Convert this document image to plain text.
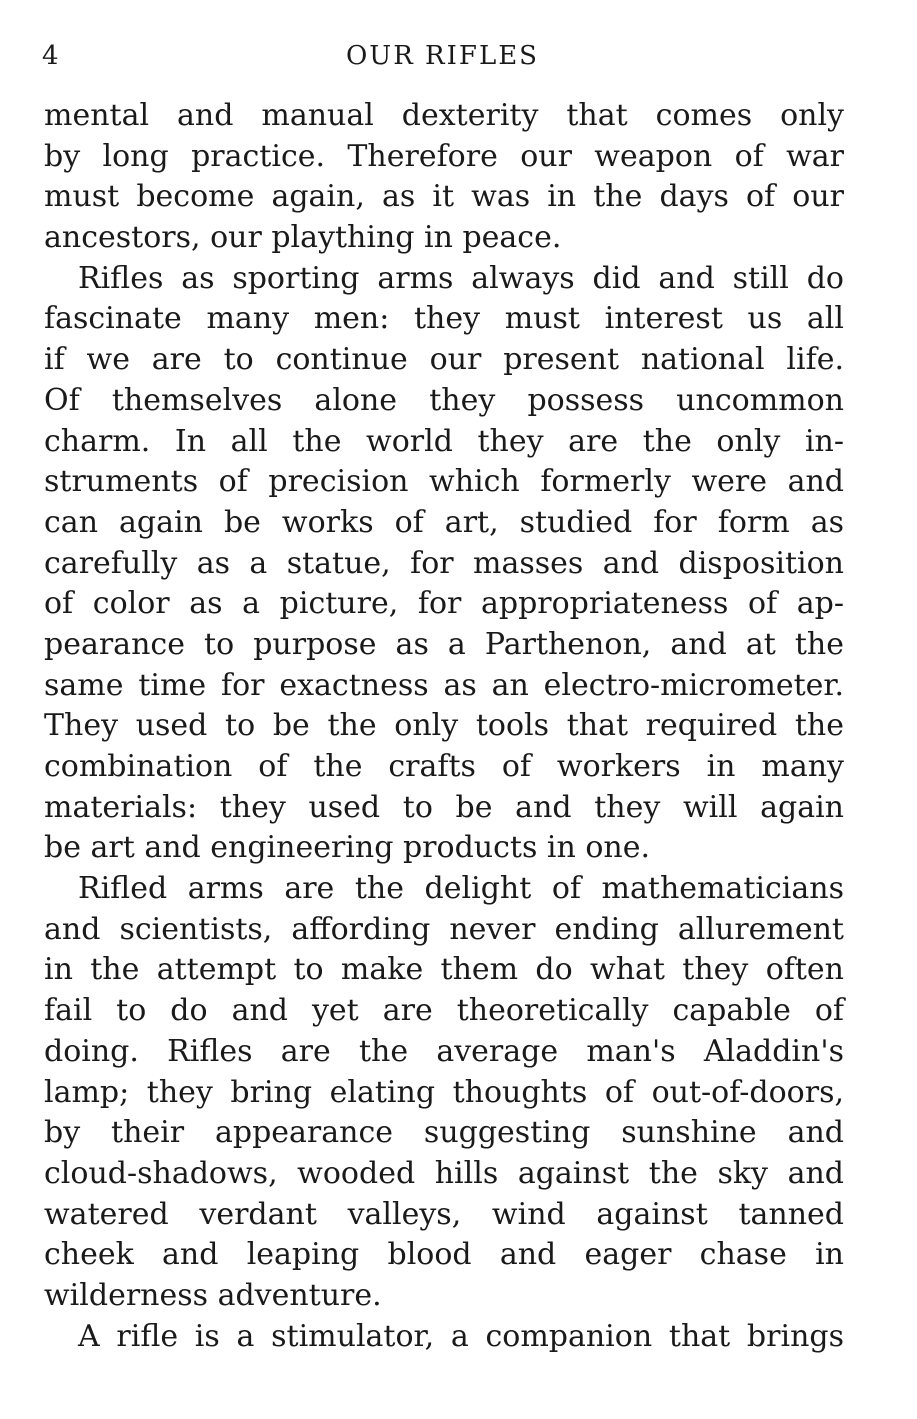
4	OUR RIFLES
mental and manual dexterity that comes only
by long practice. Therefore our weapon of war
must become again, as it was in the days of our
ancestors, our plaything in peace.
Rifles as sporting arms always did and still do
fascinate many men: they must interest us all
if we are to continue our present national life.
Of themselves alone they possess uncommon
charm. In all the world they are the only in-
struments of precision which formerly were and
can again be works of art, studied for form as
carefully as a statue, for masses and disposition
of color as a picture, for appropriateness of ap-
pearance to purpose as a Parthenon, and at the
same time for exactness as an electro-micrometer.
They used to be the only tools that required the
combination of the crafts of workers in many
materials: they used to be and they will again
be art and engineering products in one.
Rifled arms are the delight of mathematicians
and scientists, affording never ending allurement
in the attempt to make them do what they often
fail to do and yet are theoretically capable of
doing. Rifles are the average man's Aladdin's
lamp; they bring elating thoughts of out-of-doors,
by their appearance suggesting sunshine and
cloud-shadows, wooded hills against the sky and
watered verdant valleys, wind against tanned
cheek and leaping blood and eager chase in
wilderness adventure.
A rifle is a stimulator, a companion that brings
